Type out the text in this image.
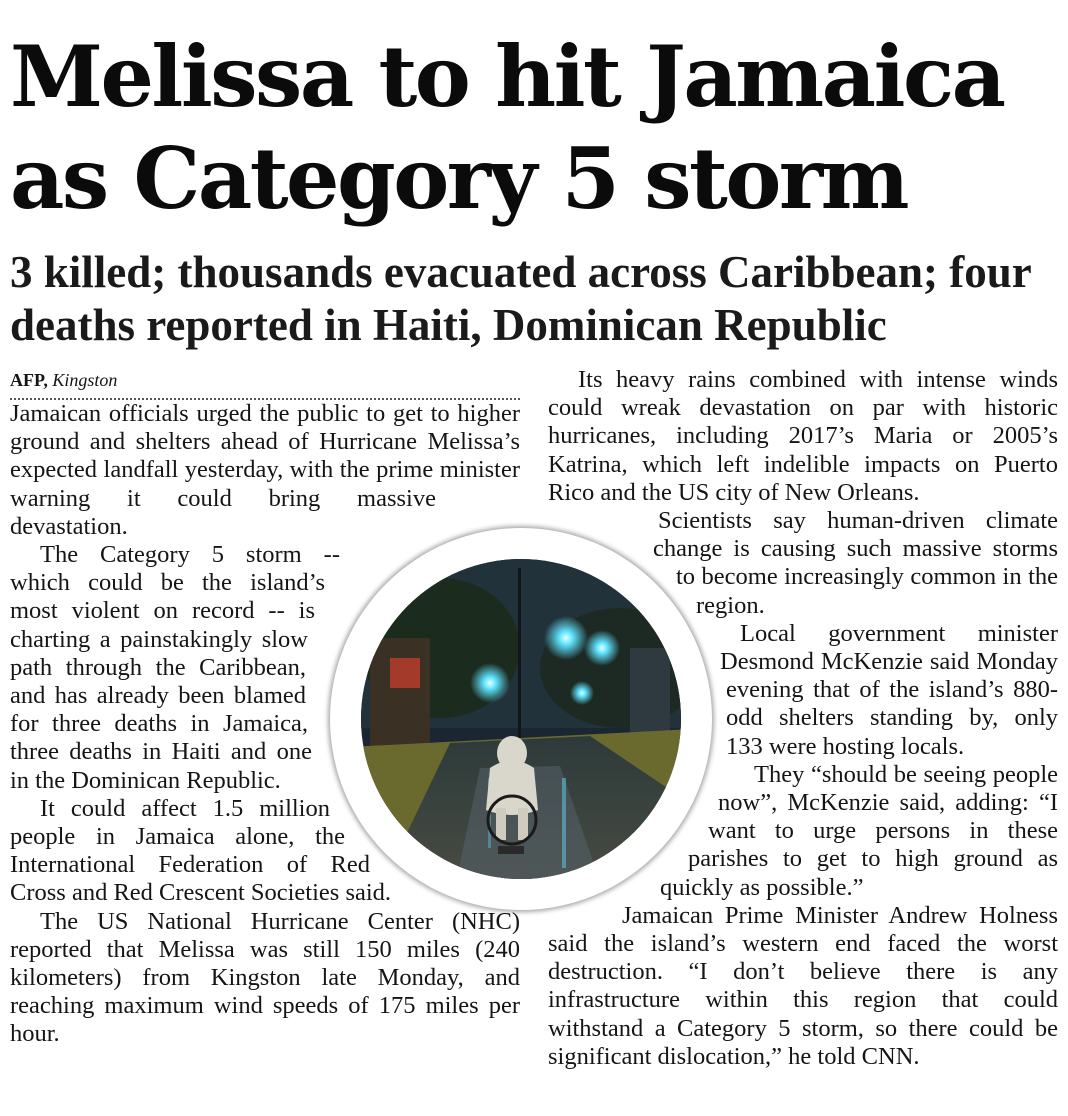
Melissa to hit Jamaica
as Category 5 storm
3 killed; thousands evacuated across Caribbean; four
deaths reported in Haiti, Dominican Republic

AFP, Kingston

Jamaican officials urged the public to get to higher ground and shelters ahead of Hurricane Melissa’s expected landfall yesterday, with the prime minister warning it could bring massive devastation.

The Category 5 storm -- which could be the island’s most violent on record -- is charting a painstakingly slow path through the Caribbean, and has already been blamed for three deaths in Jamaica, three deaths in Haiti and one in the Dominican Republic.

It could affect 1.5 million people in Jamaica alone, the International Federation of Red Cross and Red Crescent Societies said.

The US National Hurricane Center (NHC) reported that Melissa was still 150 miles (240 kilometers) from Kingston late Monday, and reaching maximum wind speeds of 175 miles per hour.

Its heavy rains combined with intense winds could wreak devastation on par with historic hurricanes, including 2017’s Maria or 2005’s Katrina, which left indelible impacts on Puerto Rico and the US city of New Orleans.

Scientists say human-driven climate change is causing such massive storms to become increasingly common in the region.

Local government minister Desmond McKenzie said Monday evening that of the island’s 880-odd shelters standing by, only 133 were hosting locals.

They “should be seeing people now”, McKenzie said, adding: “I want to urge persons in these parishes to get to high ground as quickly as possible.”

Jamaican Prime Minister Andrew Holness said the island’s western end faced the worst destruction. “I don’t believe there is any infrastructure within this region that could withstand a Category 5 storm, so there could be significant dislocation,” he told CNN.
